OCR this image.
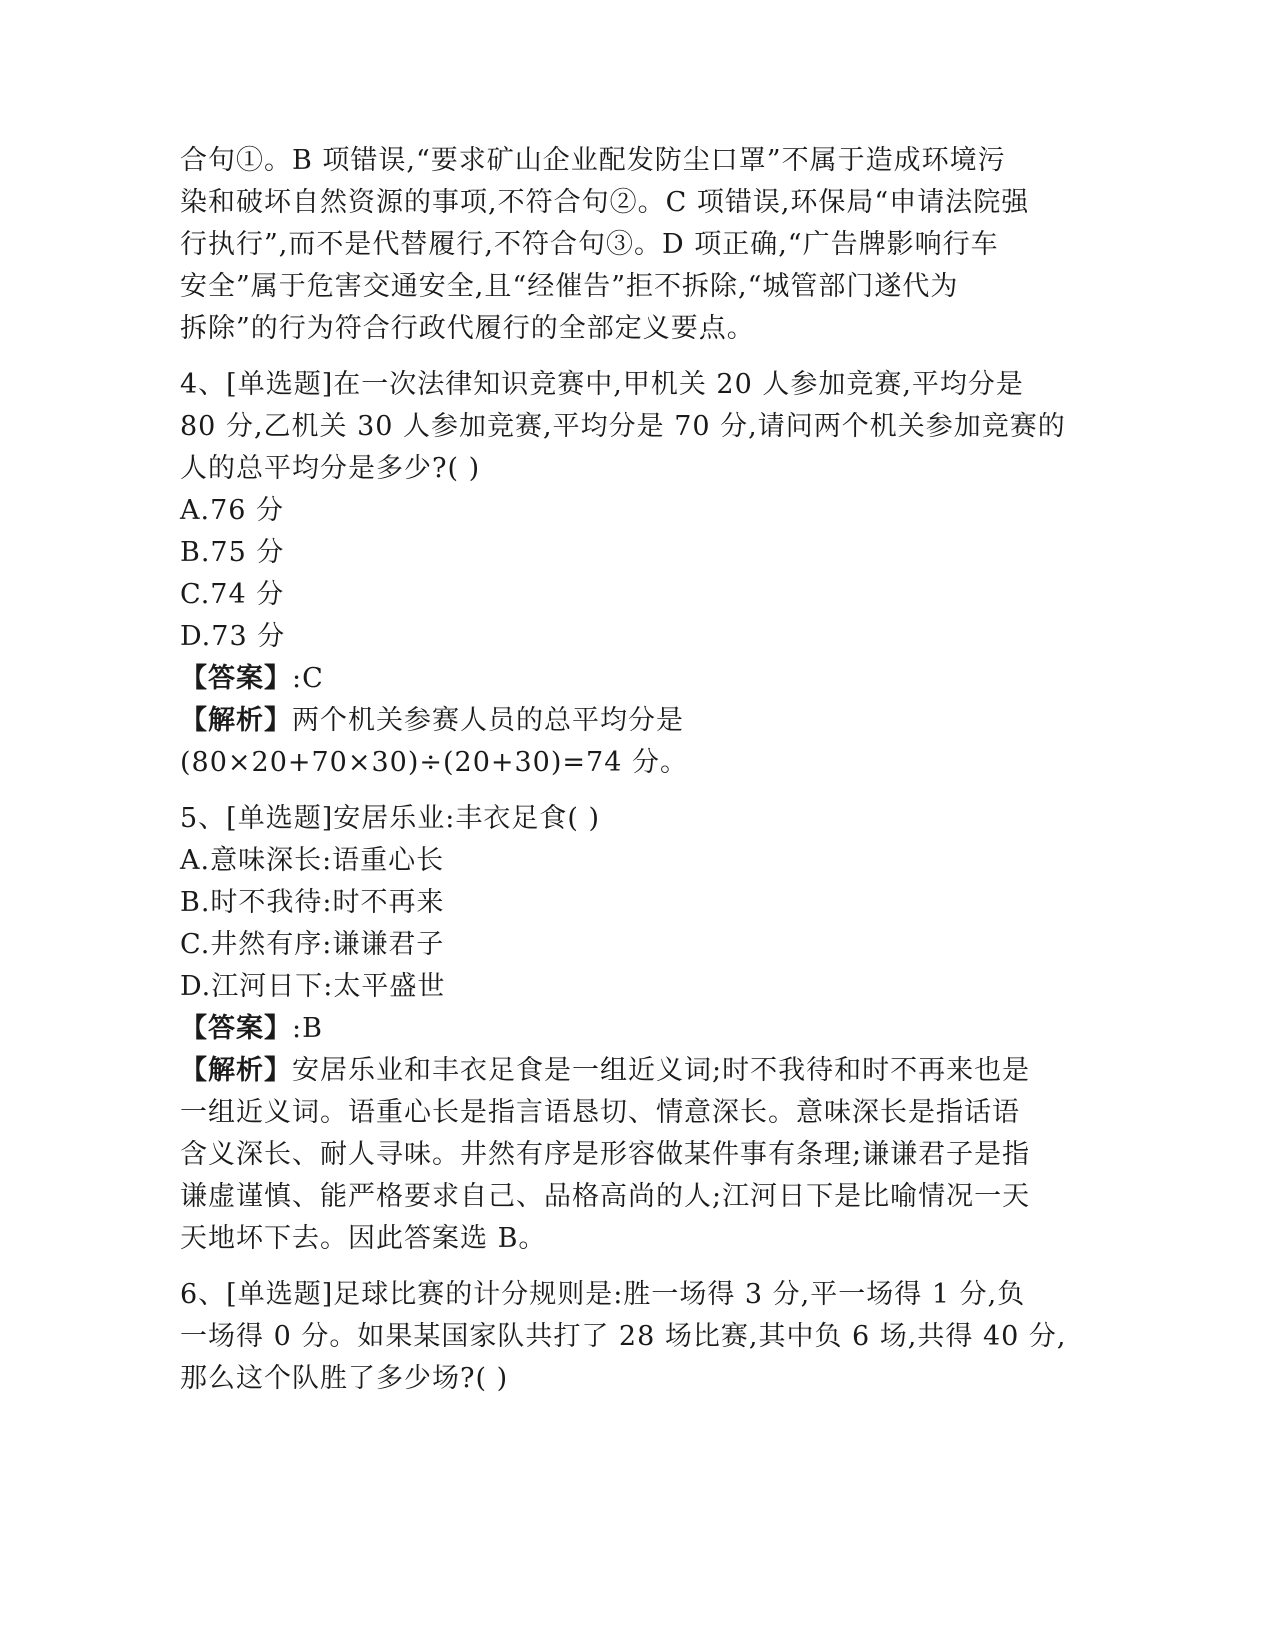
合句①。B 项错误,“要求矿山企业配发防尘口罩”不属于造成环境污
染和破坏自然资源的事项,不符合句②。C 项错误,环保局“申请法院强
行执行”,而不是代替履行,不符合句③。D 项正确,“广告牌影响行车
安全”属于危害交通安全,且“经催告”拒不拆除,“城管部门遂代为
拆除”的行为符合行政代履行的全部定义要点。
4、[单选题]在一次法律知识竞赛中,甲机关 20 人参加竞赛,平均分是
80 分,乙机关 30 人参加竞赛,平均分是 70 分,请问两个机关参加竞赛的
人的总平均分是多少?( )
A.76 分
B.75 分
C.74 分
D.73 分
【答案】:C
【解析】两个机关参赛人员的总平均分是
(80×20+70×30)÷(20+30)=74 分。
5、[单选题]安居乐业:丰衣足食( )
A.意味深长:语重心长
B.时不我待:时不再来
C.井然有序:谦谦君子
D.江河日下:太平盛世
【答案】:B
【解析】安居乐业和丰衣足食是一组近义词;时不我待和时不再来也是
一组近义词。语重心长是指言语恳切、情意深长。意味深长是指话语
含义深长、耐人寻味。井然有序是形容做某件事有条理;谦谦君子是指
谦虚谨慎、能严格要求自己、品格高尚的人;江河日下是比喻情况一天
天地坏下去。因此答案选 B。
6、[单选题]足球比赛的计分规则是:胜一场得 3 分,平一场得 1 分,负
一场得 0 分。如果某国家队共打了 28 场比赛,其中负 6 场,共得 40 分,
那么这个队胜了多少场?( )
